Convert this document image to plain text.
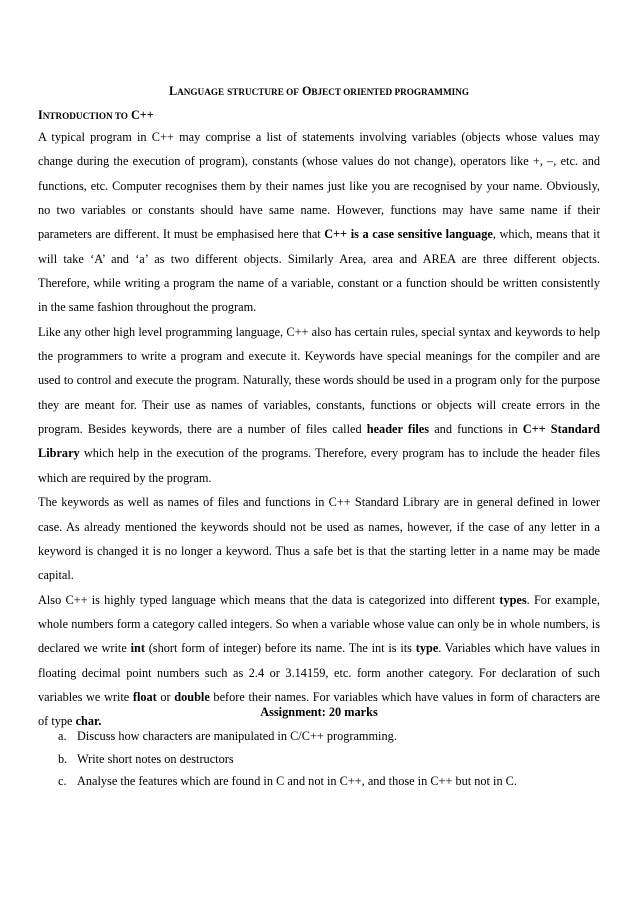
LANGUAGE STRUCTURE OF OBJECT ORIENTED PROGRAMMING
INTRODUCTION TO C++

A typical program in C++ may comprise a list of statements involving variables (objects whose values may change during the execution of program), constants (whose values do not change), operators like +, –, etc. and functions, etc. Computer recognises them by their names just like you are recognised by your name. Obviously, no two variables or constants should have same name. However, functions may have same name if their parameters are different. It must be emphasised here that C++ is a case sensitive language, which, means that it will take ‘A’ and ‘a’ as two different objects. Similarly Area, area and AREA are three different objects. Therefore, while writing a program the name of a variable, constant or a function should be written consistently in the same fashion throughout the program.

Like any other high level programming language, C++ also has certain rules, special syntax and keywords to help the programmers to write a program and execute it. Keywords have special meanings for the compiler and are used to control and execute the program. Naturally, these words should be used in a program only for the purpose they are meant for. Their use as names of variables, constants, functions or objects will create errors in the program. Besides keywords, there are a number of files called header files and functions in C++ Standard Library which help in the execution of the programs. Therefore, every program has to include the header files which are required by the program.

The keywords as well as names of files and functions in C++ Standard Library are in general defined in lower case. As already mentioned the keywords should not be used as names, however, if the case of any letter in a keyword is changed it is no longer a keyword. Thus a safe bet is that the starting letter in a name may be made capital.

Also C++ is highly typed language which means that the data is categorized into different types. For example, whole numbers form a category called integers. So when a variable whose value can only be in whole numbers, is declared we write int (short form of integer) before its name. The int is its type. Variables which have values in floating decimal point numbers such as 2.4 or 3.14159, etc. form another category. For declaration of such variables we write float or double before their names. For variables which have values in form of characters are of type char.

Assignment: 20 marks
a. Discuss how characters are manipulated in C/C++ programming.
b. Write short notes on destructors
c. Analyse the features which are found in C and not in C++, and those in C++ but not in C.
